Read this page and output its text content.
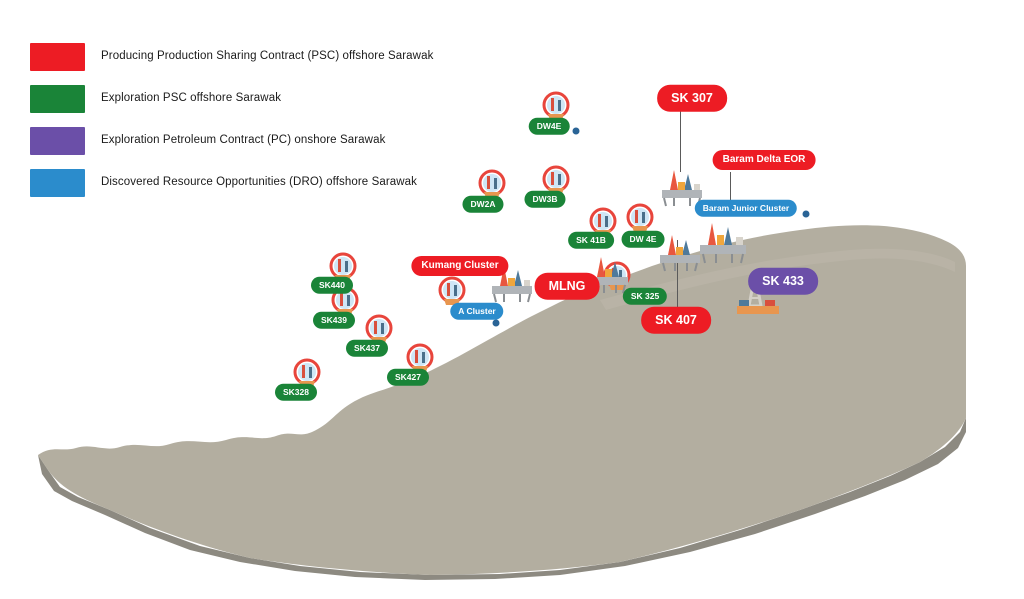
DW4E
DW2A	DW3B
SK 41B	DW 4E
SK 325
SK440
SK439
SK437
SK427
SK328
A Cluster
Baram Junior Cluster
Kumang Cluster
MLNG
SK 307
Baram Delta EOR
SK 407
SK 433
Producing Production Sharing Contract (PSC) offshore Sarawak
Exploration PSC offshore Sarawak
Exploration Petroleum Contract (PC) onshore Sarawak
Discovered Resource Opportunities (DRO) offshore Sarawak
